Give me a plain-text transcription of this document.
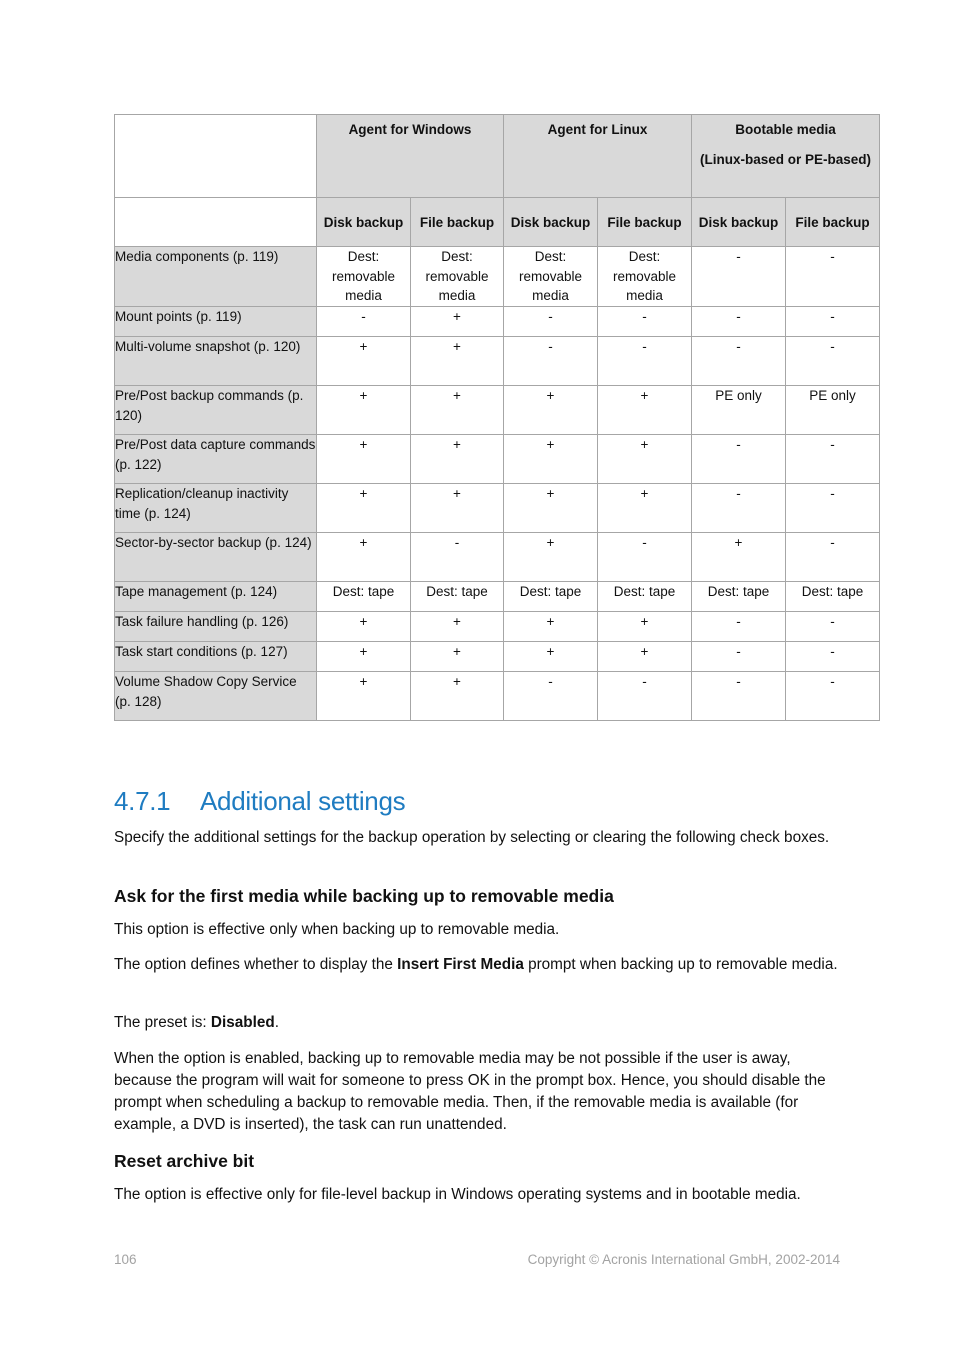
	Agent for Windows		Agent for Linux		Bootable media
(Linux-based or PE-based)	

	Disk backup	File backup	Disk backup	File backup	Disk backup	File backup
Media components (p. 119)	Dest: removable media	Dest: removable media	Dest: removable media	Dest: removable media	-	-
Mount points (p. 119)	-	+	-	-	-	-
Multi-volume snapshot (p. 120)	+	+	-	-	-	-
Pre/Post backup commands (p. 120)	+	+	+	+	PE only	PE only
Pre/Post data capture commands (p. 122)	+	+	+	+	-	-
Replication/cleanup inactivity time (p. 124)	+	+	+	+	-	-
Sector-by-sector backup (p. 124)	+	-	+	-	+	-
Tape management (p. 124)	Dest: tape	Dest: tape	Dest: tape	Dest: tape	Dest: tape	Dest: tape
Task failure handling (p. 126)	+	+	+	+	-	-
Task start conditions (p. 127)	+	+	+	+	-	-
Volume Shadow Copy Service (p. 128)	+	+	-	-	-	-
4.7.1 Additional settings

Specify the additional settings for the backup operation by selecting or clearing the following check boxes.

Ask for the first media while backing up to removable media

This option is effective only when backing up to removable media.

The option defines whether to display the Insert First Media prompt when backing up to removable media.

The preset is: Disabled.

When the option is enabled, backing up to removable media may be not possible if the user is away, because the program will wait for someone to press OK in the prompt box. Hence, you should disable the prompt when scheduling a backup to removable media. Then, if the removable media is available (for example, a DVD is inserted), the task can run unattended.

Reset archive bit

The option is effective only for file-level backup in Windows operating systems and in bootable media.

106	Copyright © Acronis International GmbH, 2002-2014
